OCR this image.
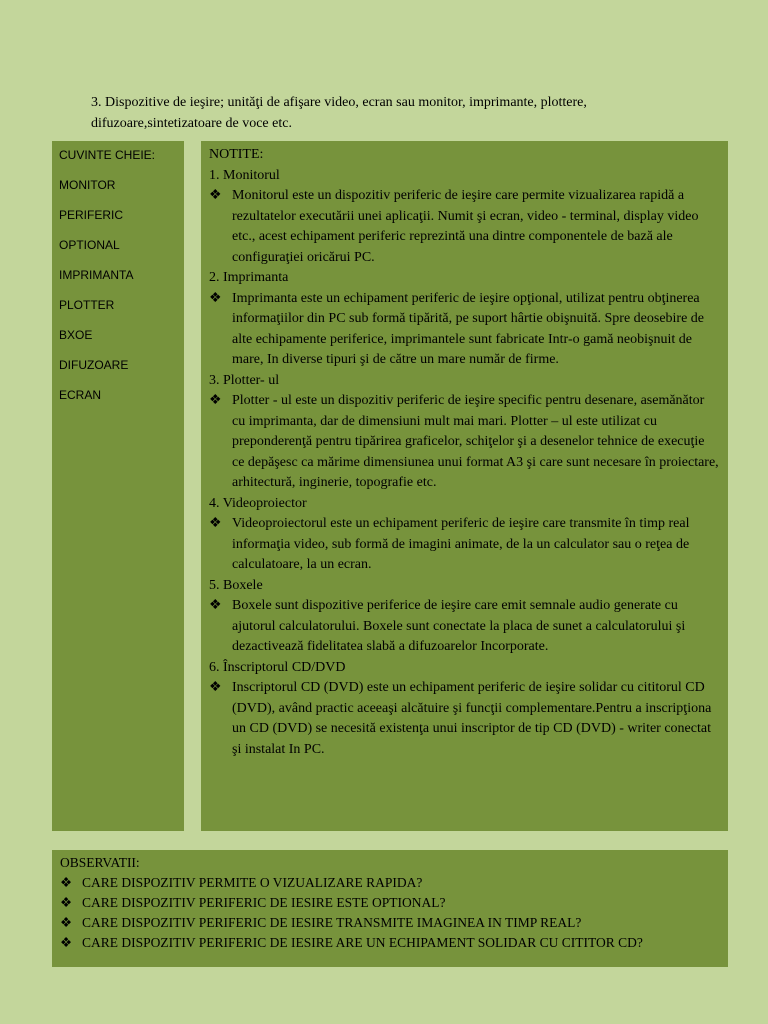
3. Dispozitive de ieşire; unităţi de afişare video, ecran sau monitor, imprimante, plottere,
difuzoare,sintetizatoare de voce etc.
CUVINTE CHEIE:
MONITOR
PERIFERIC
OPTIONAL
IMPRIMANTA
PLOTTER
BXOE
DIFUZOARE
ECRAN
NOTITE:
1. Monitorul
❖ Monitorul este un dispozitiv periferic de ieşire care permite vizualizarea rapidă a rezultatelor executării unei aplicaţii. Numit şi ecran, video - terminal, display video etc., acest echipament periferic reprezintă una dintre componentele de bază ale configuraţiei oricărui PC.
2. Imprimanta
❖ Imprimanta este un echipament periferic de ieşire opţional, utilizat pentru obţinerea informaţiilor din PC sub formă tipărită, pe suport hârtie obişnuită. Spre deosebire de alte echipamente periferice, imprimantele sunt fabricate Intr-o gamă neobişnuit de mare, In diverse tipuri şi de către un mare număr de firme.
3. Plotter- ul
❖ Plotter - ul este un dispozitiv periferic de ieşire specific pentru desenare, asemănător cu imprimanta, dar de dimensiuni mult mai mari. Plotter – ul este utilizat cu preponderenţă pentru tipărirea graficelor, schiţelor şi a desenelor tehnice de execuţie ce depăşesc ca mărime dimensiunea unui format A3 şi care sunt necesare în proiectare, arhitectură, inginerie, topografie etc.
4. Videoproiector
❖ Videoproiectorul este un echipament periferic de ieşire care transmite în timp real informaţia video, sub formă de imagini animate, de la un calculator sau o reţea de calculatoare, la un ecran.
5. Boxele
❖ Boxele sunt dispozitive periferice de ieşire care emit semnale audio generate cu ajutorul calculatorului. Boxele sunt conectate la placa de sunet a calculatorului şi dezactivează fidelitatea slabă a difuzoarelor Incorporate.
6. Înscriptorul CD/DVD
❖ Inscriptorul CD (DVD) este un echipament periferic de ieşire solidar cu cititorul CD (DVD), având practic aceeaşi alcătuire şi funcţii complementare.Pentru a inscripţiona un CD (DVD) se necesită existenţa unui inscriptor de tip CD (DVD) - writer conectat şi instalat In PC.
OBSERVATII:
❖ CARE DISPOZITIV PERMITE O VIZUALIZARE RAPIDA?
❖ CARE DISPOZITIV PERIFERIC DE IESIRE ESTE OPTIONAL?
❖ CARE DISPOZITIV PERIFERIC DE IESIRE TRANSMITE IMAGINEA IN TIMP REAL?
❖ CARE DISPOZITIV PERIFERIC DE IESIRE ARE UN ECHIPAMENT SOLIDAR CU CITITOR CD?
